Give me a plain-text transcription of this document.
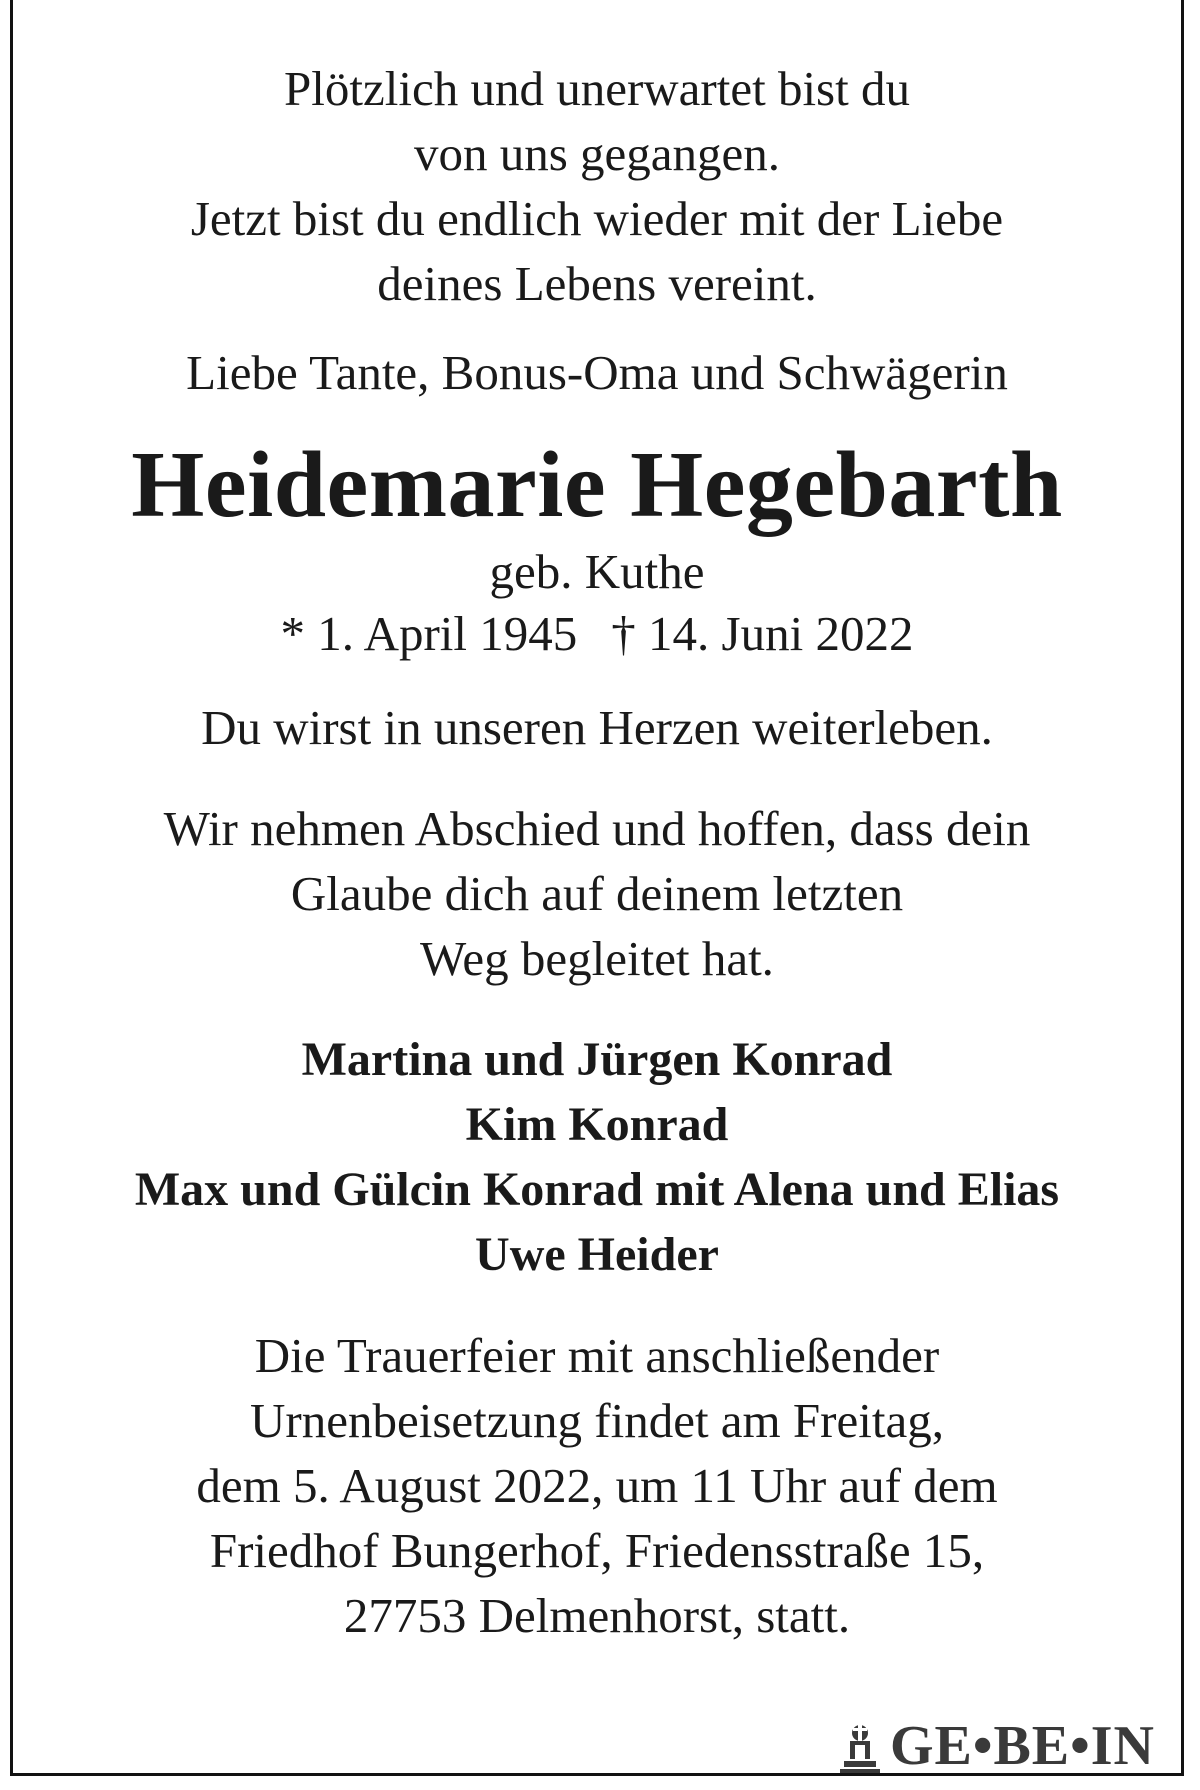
Plötzlich und unerwartet bist du
von uns gegangen.
Jetzt bist du endlich wieder mit der Liebe
deines Lebens vereint.
Liebe Tante, Bonus-Oma und Schwägerin
Heidemarie Hegebarth
geb. Kuthe
* 1. April 1945 † 14. Juni 2022
Du wirst in unseren Herzen weiterleben.
Wir nehmen Abschied und hoffen, dass dein
Glaube dich auf deinem letzten
Weg begleitet hat.
Martina und Jürgen Konrad
Kim Konrad
Max und Gülcin Konrad mit Alena und Elias
Uwe Heider
Die Trauerfeier mit anschließender
Urnenbeisetzung findet am Freitag,
dem 5. August 2022, um 11 Uhr auf dem
Friedhof Bungerhof, Friedensstraße 15,
27753 Delmenhorst, statt.
GE•BE•IN
